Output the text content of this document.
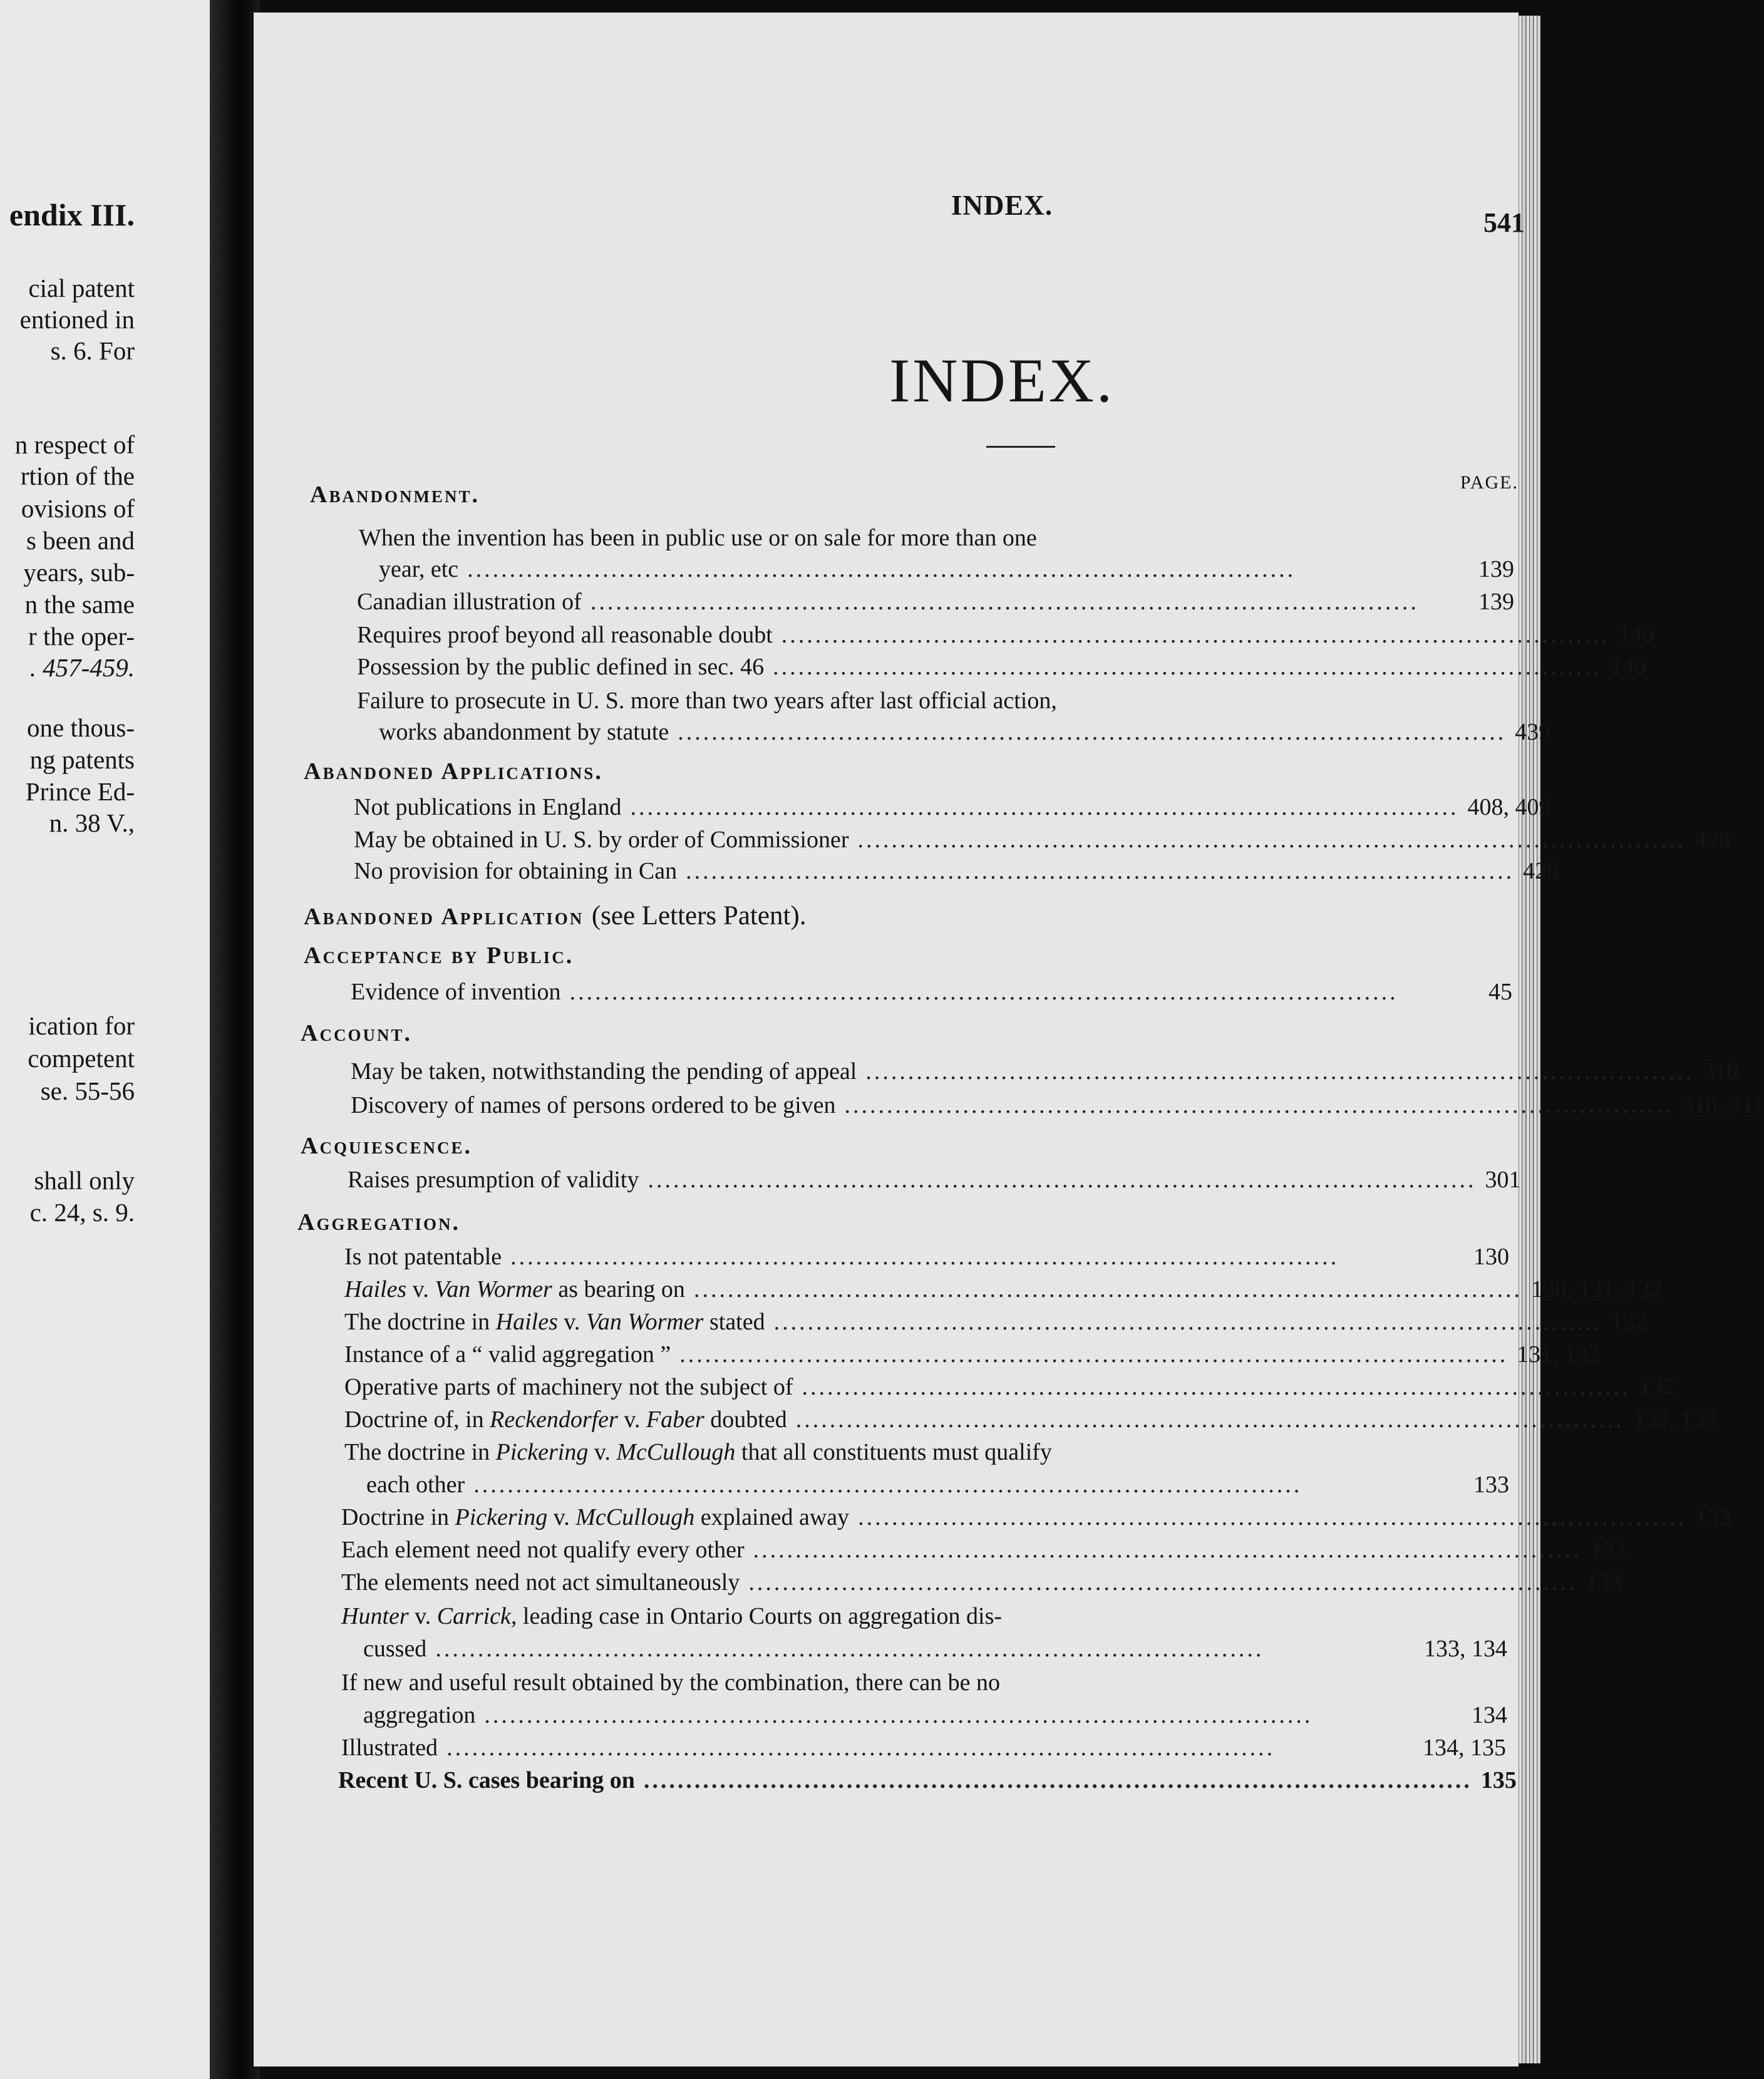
endix III.
cial patent
entioned in
s. 6. For
n respect of
rtion of the
ovisions of
s been and
years, sub-
n the same
r the oper-
. 457-459.
one thous-
ng patents
Prince Ed-
n. 38 V.,
ication for
competent
se. 55-56
shall only
c. 24, s. 9.
INDEX.
541
INDEX.
PAGE.
Abandonment.
When the invention has been in public use or on sale for more than one
year, etc ..................................................................................................	139
Canadian illustration of ..................................................................................................	139
Requires proof beyond all reasonable doubt .................................................................................................. 140
Possession by the public defined in sec. 46 .................................................................................................. 140
Failure to prosecute in U. S. more than two years after last official action,
works abandonment by statute .................................................................................................. 439
Abandoned Applications.
Not publications in England .................................................................................................. 408, 409
May be obtained in U. S. by order of Commissioner .................................................................................................. 428
No provision for obtaining in Can .................................................................................................. 428
Abandoned Application (see Letters Patent).
Acceptance by Public.
Evidence of invention ..................................................................................................	45
Account.
May be taken, notwithstanding the pending of appeal .................................................................................................. 310
Discovery of names of persons ordered to be given .................................................................................................. 310, 311
Acquiescence.
Raises presumption of validity .................................................................................................. 301
Aggregation.
Is not patentable ..................................................................................................	130
Hailes v. Van Wormer as bearing on .................................................................................................. 130, 131, 132
The doctrine in Hailes v. Van Wormer stated .................................................................................................. 132
Instance of a “ valid aggregation ” .................................................................................................. 131, 132
Operative parts of machinery not the subject of .................................................................................................. 132
Doctrine of, in Reckendorfer v. Faber doubted .................................................................................................. 132, 133
The doctrine in Pickering v. McCullough that all constituents must qualify
each other ..................................................................................................	133
Doctrine in Pickering v. McCullough explained away .................................................................................................. 133
Each element need not qualify every other .................................................................................................. 133
The elements need not act simultaneously .................................................................................................. 133
Hunter v. Carrick, leading case in Ontario Courts on aggregation dis-
cussed ..................................................................................................	133, 134
If new and useful result obtained by the combination, there can be no
aggregation ..................................................................................................	134
Illustrated ..................................................................................................	134, 135
Recent U. S. cases bearing on .................................................................................................. 135
